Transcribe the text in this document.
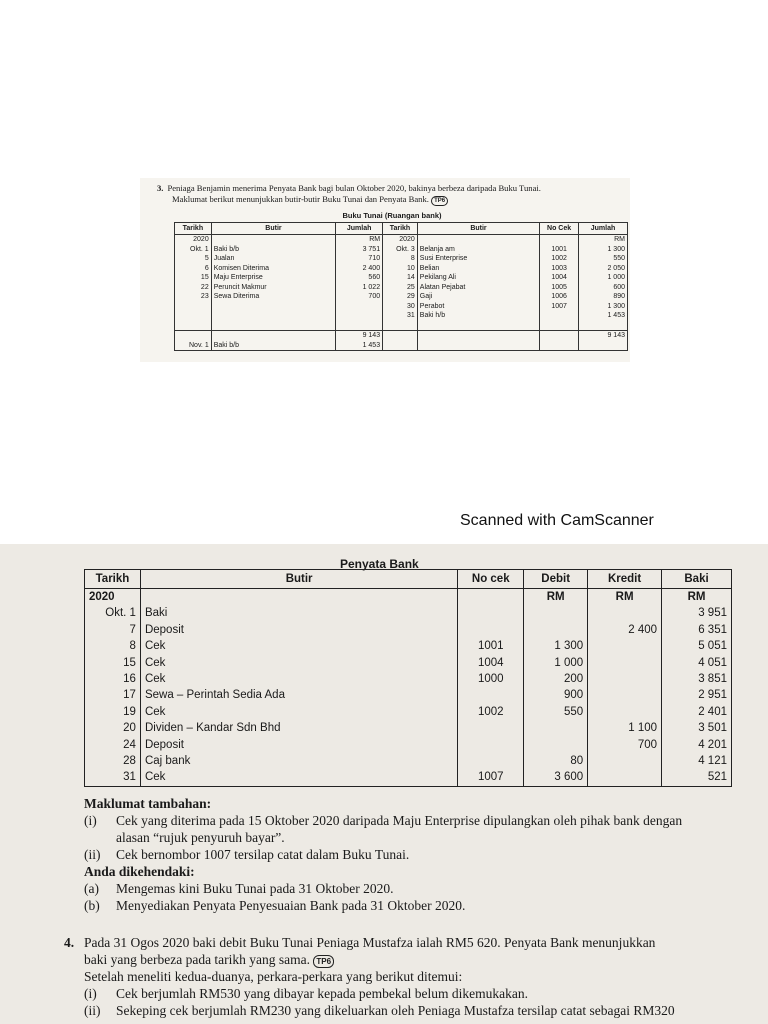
3. Peniaga Benjamin menerima Penyata Bank bagi bulan Oktober 2020, bakinya berbeza daripada Buku Tunai.
Maklumat berikut menunjukkan butir-butir Buku Tunai dan Penyata Bank. TP6
Buku Tunai (Ruangan bank)
Tarikh	Butir	Jumlah	Tarikh	Butir	No Cek	Jumlah
2020		RM	2020			RM
Okt. 1	Baki b/b	3 751	Okt. 3	Belanja am	1001	1 300
5	Jualan	710	8	Susi Enterprise	1002	550
6	Komisen Diterima	2 400	10	Belian	1003	2 050
15	Maju Enterprise	560	14	Pekilang Ali	1004	1 000
22	Peruncit Makmur	1 022	25	Alatan Pejabat	1005	600
23	Sewa Diterima	700	29	Gaji	1006	890
			30	Perabot	1007	1 300
			31	Baki h/b		1 453

		9 143				9 143
Nov. 1	Baki b/b	1 453				
Scanned with CamScanner
Penyata Bank
Tarikh	Butir	No cek	Debit	Kredit	Baki
2020			RM	RM	RM
Okt. 1	Baki				3 951
7	Deposit			2 400	6 351
8	Cek	1001	1 300		5 051
15	Cek	1004	1 000		4 051
16	Cek	1000	200		3 851
17	Sewa – Perintah Sedia Ada		900		2 951
19	Cek	1002	550		2 401
20	Dividen – Kandar Sdn Bhd			1 100	3 501
24	Deposit			700	4 201
28	Caj bank		80		4 121
31	Cek	1007	3 600		521
Maklumat tambahan:
(i)	Cek yang diterima pada 15 Oktober 2020 daripada Maju Enterprise dipulangkan oleh pihak bank dengan
alasan “rujuk penyuruh bayar”.
(ii)	Cek bernombor 1007 tersilap catat dalam Buku Tunai.
Anda dikehendaki:
(a)	Mengemas kini Buku Tunai pada 31 Oktober 2020.
(b)	Menyediakan Penyata Penyesuaian Bank pada 31 Oktober 2020.
4. Pada 31 Ogos 2020 baki debit Buku Tunai Peniaga Mustafza ialah RM5 620. Penyata Bank menunjukkan
baki yang berbeza pada tarikh yang sama. TP6
Setelah meneliti kedua-duanya, perkara-perkara yang berikut ditemui:
(i)	Cek berjumlah RM530 yang dibayar kepada pembekal belum dikemukakan.
(ii)	Sekeping cek berjumlah RM230 yang dikeluarkan oleh Peniaga Mustafza tersilap catat sebagai RM320
